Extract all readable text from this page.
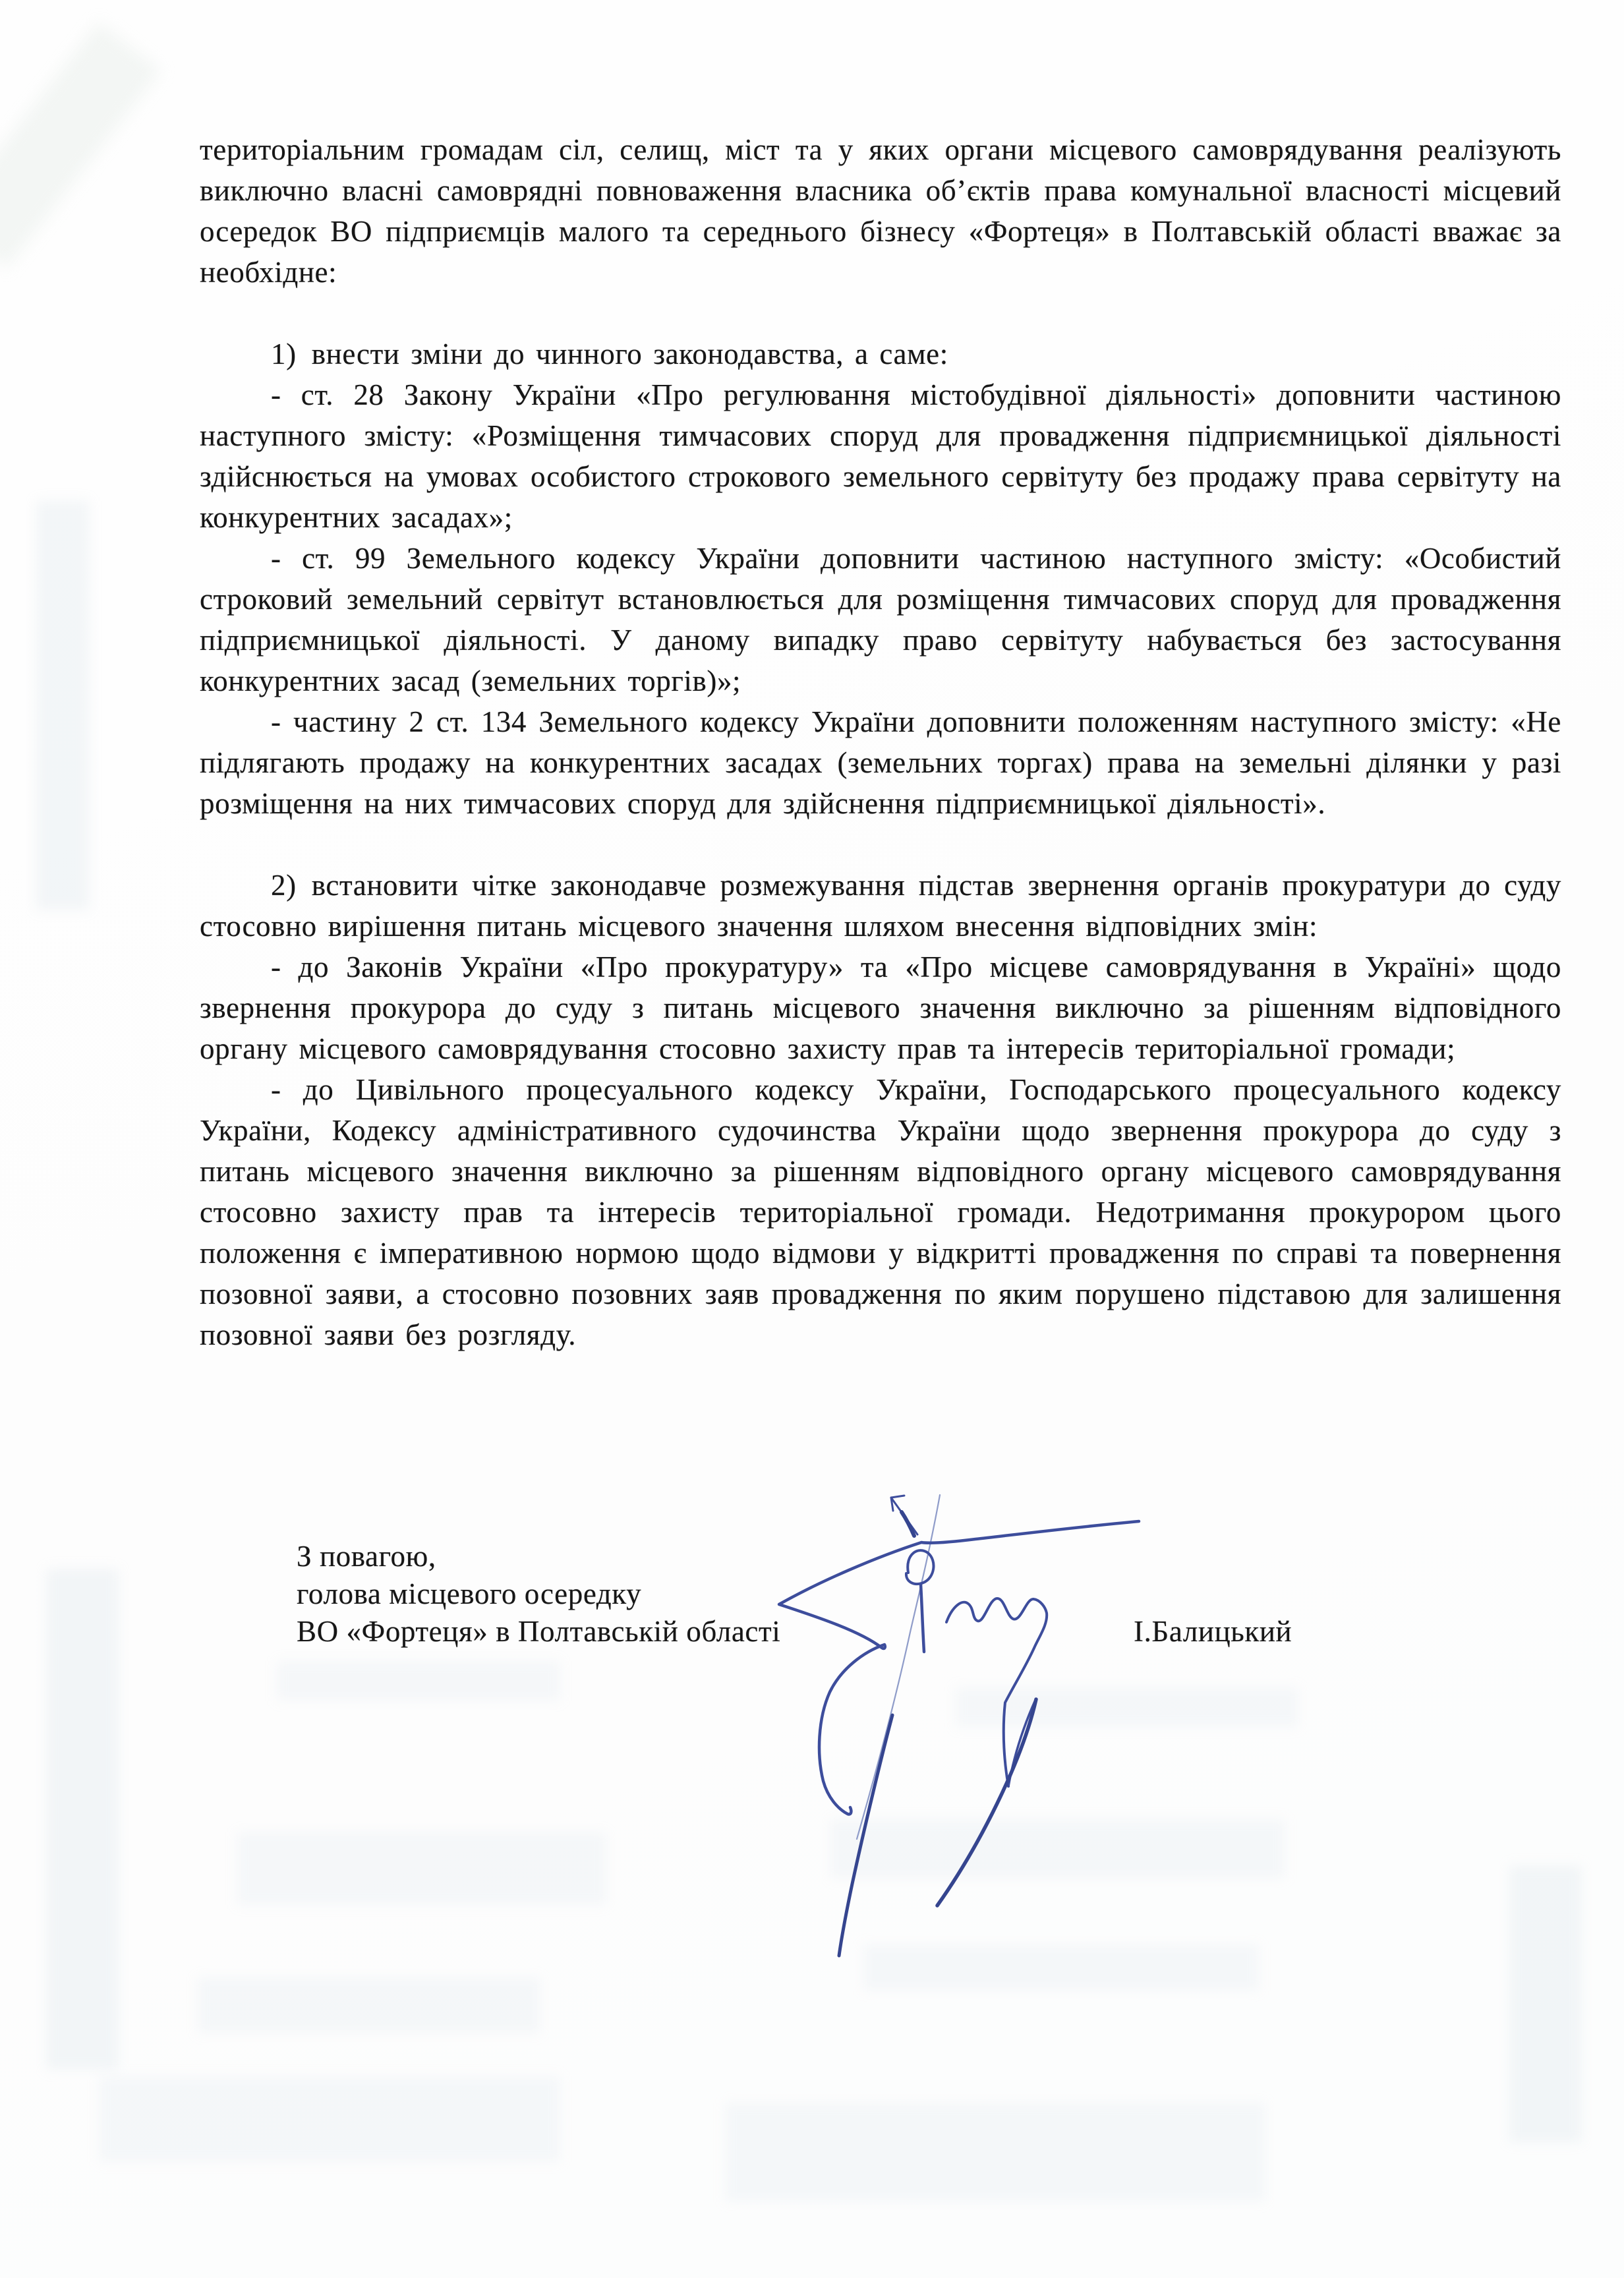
територіальним громадам сіл, селищ, міст та у яких органи місцевого самоврядування реалізують виключно власні самоврядні повноваження власника об’єктів права комунальної власності місцевий осередок ВО підприємців малого та середнього бізнесу «Фортеця» в Полтавській області вважає за необхідне:

1) внести зміни до чинного законодавства, а саме:

- ст. 28 Закону України «Про регулювання містобудівної діяльності» доповнити частиною наступного змісту: «Розміщення тимчасових споруд для провадження підприємницької діяльності здійснюється на умовах особистого строкового земельного сервітуту без продажу права сервітуту на конкурентних засадах»;

- ст. 99 Земельного кодексу України доповнити частиною наступного змісту: «Особистий строковий земельний сервітут встановлюється для розміщення тимчасових споруд для провадження підприємницької діяльності. У даному випадку право сервітуту набувається без застосування конкурентних засад (земельних торгів)»;

- частину 2 ст. 134 Земельного кодексу України доповнити положенням наступного змісту: «Не підлягають продажу на конкурентних засадах (земельних торгах) права на земельні ділянки у разі розміщення на них тимчасових споруд для здійснення підприємницької діяльності».

2) встановити чітке законодавче розмежування підстав звернення органів прокуратури до суду стосовно вирішення питань місцевого значення шляхом внесення відповідних змін:

- до Законів України «Про прокуратуру» та «Про місцеве самоврядування в Україні» щодо звернення прокурора до суду з питань місцевого значення виключно за рішенням відповідного органу місцевого самоврядування стосовно захисту прав та інтересів територіальної громади;

- до Цивільного процесуального кодексу України, Господарського процесуального кодексу України, Кодексу адміністративного судочинства України щодо звернення прокурора до суду з питань місцевого значення виключно за рішенням відповідного органу місцевого самоврядування стосовно захисту прав та інтересів територіальної громади. Недотримання прокурором цього положення є імперативною нормою щодо відмови у відкритті провадження по справі та повернення позовної заяви, а стосовно позовних заяв провадження по яким порушено підставою для залишення позовної заяви без розгляду.

З повагою,

голова місцевого осередку

ВО «Фортеця» в Полтавській області	І.Балицький
